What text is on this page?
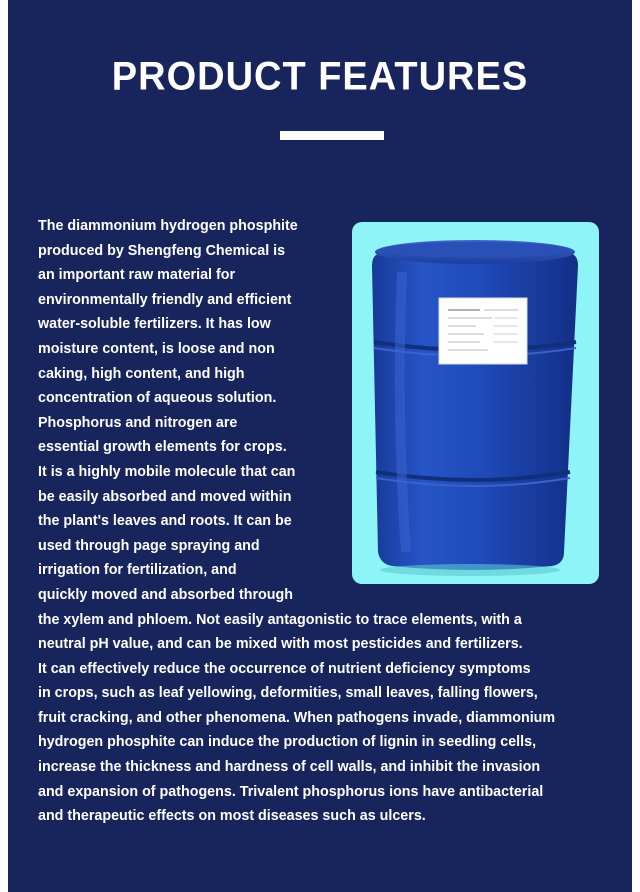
PRODUCT FEATURES
The diammonium hydrogen phosphite
produced by Shengfeng Chemical is
an important raw material for
environmentally friendly and efficient
water-soluble fertilizers. It has low
moisture content, is loose and non
caking, high content, and high
concentration of aqueous solution.
Phosphorus and nitrogen are
essential growth elements for crops.
It is a highly mobile molecule that can
be easily absorbed and moved within
the plant's leaves and roots. It can be
used through page spraying and
irrigation for fertilization, and
quickly moved and absorbed through
the xylem and phloem. Not easily antagonistic to trace elements, with a
neutral pH value, and can be mixed with most pesticides and fertilizers.
It can effectively reduce the occurrence of nutrient deficiency symptoms
in crops, such as leaf yellowing, deformities, small leaves, falling flowers,
fruit cracking, and other phenomena. When pathogens invade, diammonium
hydrogen phosphite can induce the production of lignin in seedling cells,
increase the thickness and hardness of cell walls, and inhibit the invasion
and expansion of pathogens. Trivalent phosphorus ions have antibacterial
and therapeutic effects on most diseases such as ulcers.
